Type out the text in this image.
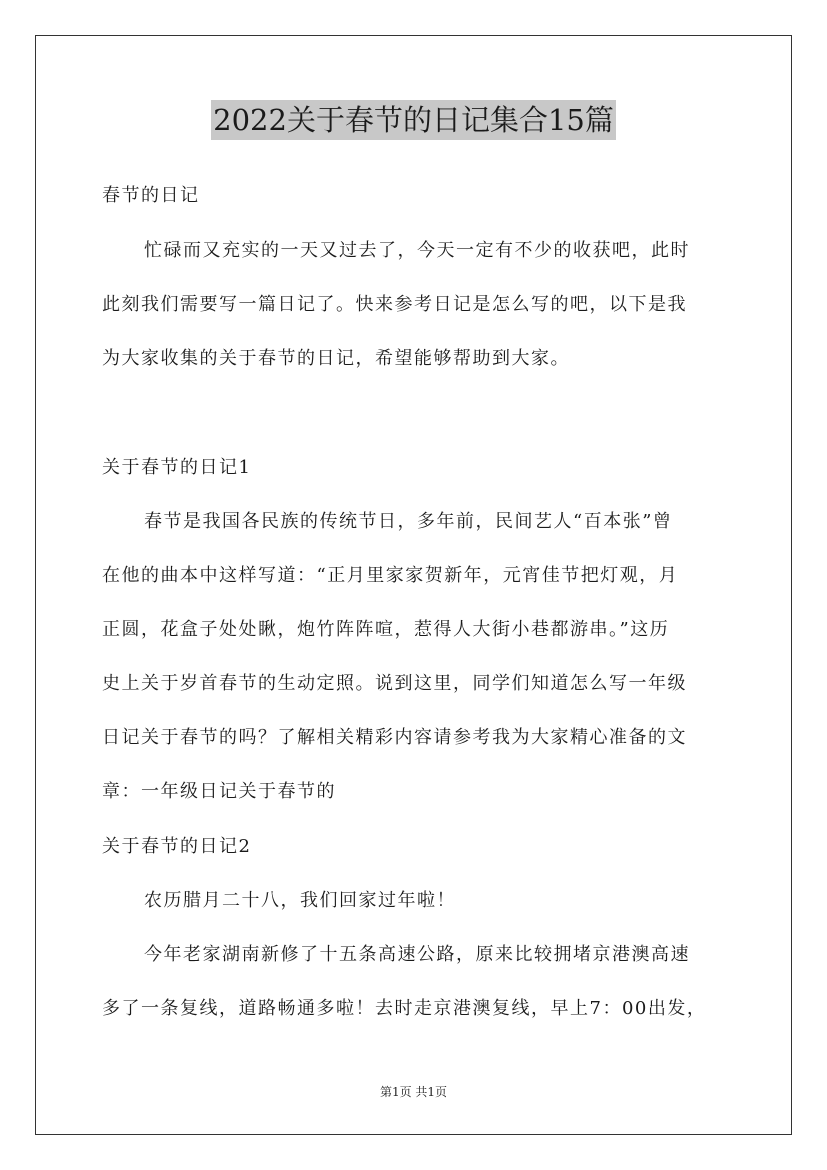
2022关于春节的日记集合15篇
春节的日记
忙碌而又充实的一天又过去了，今天一定有不少的收获吧，此时
此刻我们需要写一篇日记了。快来参考日记是怎么写的吧，以下是我
为大家收集的关于春节的日记，希望能够帮助到大家。
关于春节的日记1
春节是我国各民族的传统节日，多年前，民间艺人“百本张”曾
在他的曲本中这样写道：“正月里家家贺新年，元宵佳节把灯观，月
正圆，花盒子处处瞅，炮竹阵阵喧，惹得人大街小巷都游串。”这历
史上关于岁首春节的生动定照。说到这里，同学们知道怎么写一年级
日记关于春节的吗？了解相关精彩内容请参考我为大家精心准备的文
章：一年级日记关于春节的
关于春节的日记2
农历腊月二十八，我们回家过年啦！
今年老家湖南新修了十五条高速公路，原来比较拥堵京港澳高速
多了一条复线，道路畅通多啦！去时走京港澳复线，早上7：00出发，
第1页 共1页
